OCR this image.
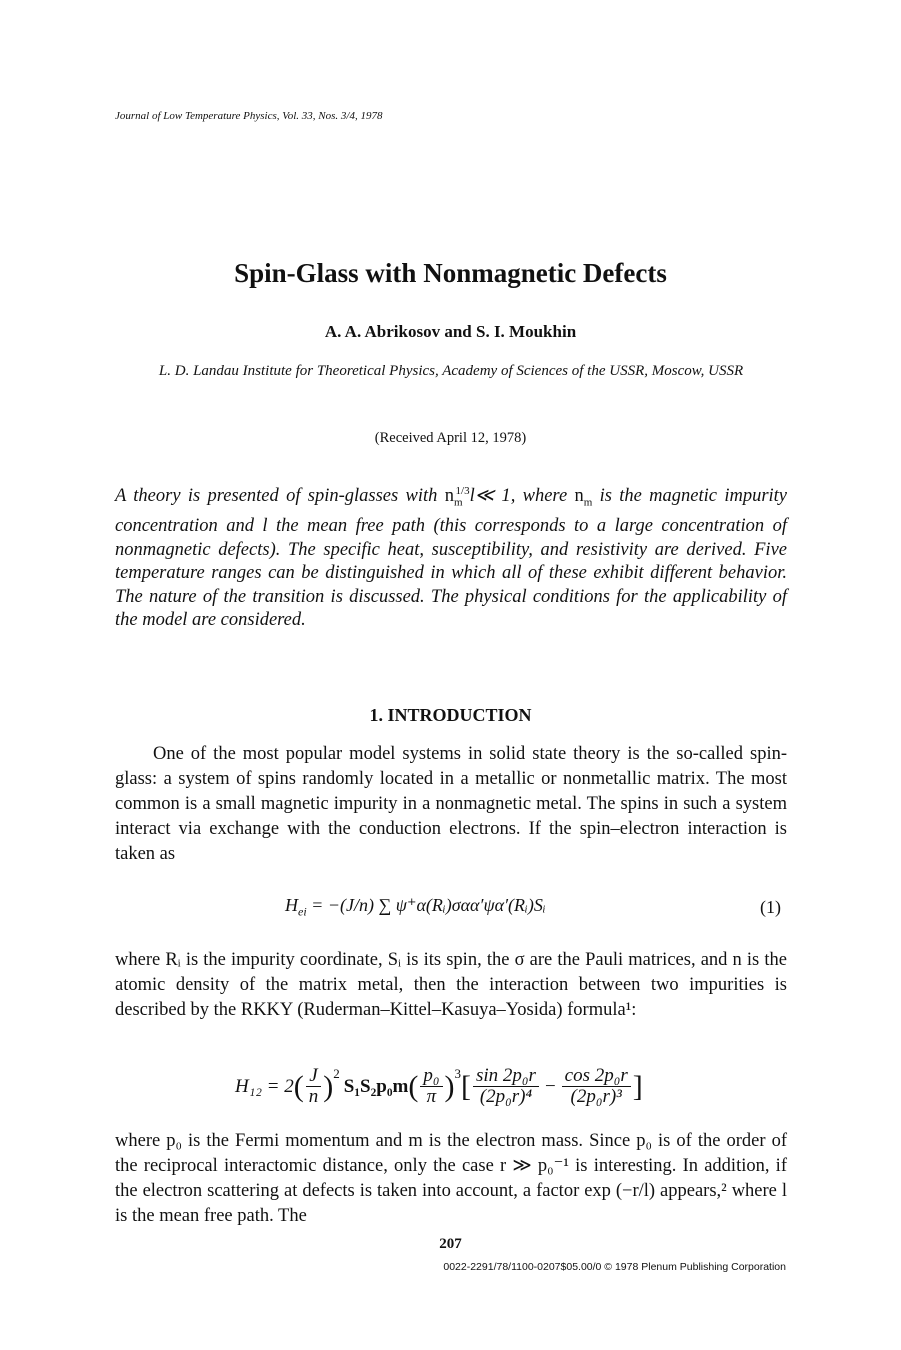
Journal of Low Temperature Physics, Vol. 33, Nos. 3/4, 1978
Spin-Glass with Nonmagnetic Defects
A. A. Abrikosov and S. I. Moukhin
L. D. Landau Institute for Theoretical Physics, Academy of Sciences of the USSR, Moscow, USSR
(Received April 12, 1978)
A theory is presented of spin-glasses with $n_m^{1/3}l≪$ 1, where $n_m$ is the magnetic impurity concentration and l the mean free path (this corresponds to a large concentration of nonmagnetic defects). The specific heat, susceptibility, and resistivity are derived. Five temperature ranges can be distinguished in which all of these exhibit different behavior. The nature of the transition is discussed. The physical conditions for the applicability of the model are considered.
1. INTRODUCTION
One of the most popular model systems in solid state theory is the so-called spin-glass: a system of spins randomly located in a metallic or nonmetallic matrix. The most common is a small magnetic impurity in a nonmagnetic metal. The spins in such a system interact via exchange with the conduction electrons. If the spin–electron interaction is taken as
$H_{ei} = -(J/n)$ ∑ ψ⁺α(Rᵢ)σαα′ψα′(Rᵢ)Sᵢ	(1)
where Rᵢ is the impurity coordinate, Sᵢ is its spin, the σ are the Pauli matrices, and n is the atomic density of the matrix metal, then the interaction between two impurities is described by the RKKY (Ruderman–Kittel–Kasuya–Yosida) formula¹:
H₁₂ = 2 ( $\frac{J}{n} )^2$
S₁S₂p₀m ( $\frac{\text{p₀}}{\pi} )^3$ [ $\frac{\text{sin 2p₀r}}{\text{(2p₀r)⁴}} - \frac{\text{cos 2p₀r}}{\text{(2p₀r)³}}$ ]
where p₀ is the Fermi momentum and m is the electron mass. Since p₀ is of the order of the reciprocal interactomic distance, only the case r ≫ p₀⁻¹ is interesting. In addition, if the electron scattering at defects is taken into account, a factor exp (−r/l) appears,² where l is the mean free path. The
207
0022-2291/78/1100-0207$05.00/0 © 1978 Plenum Publishing Corporation
